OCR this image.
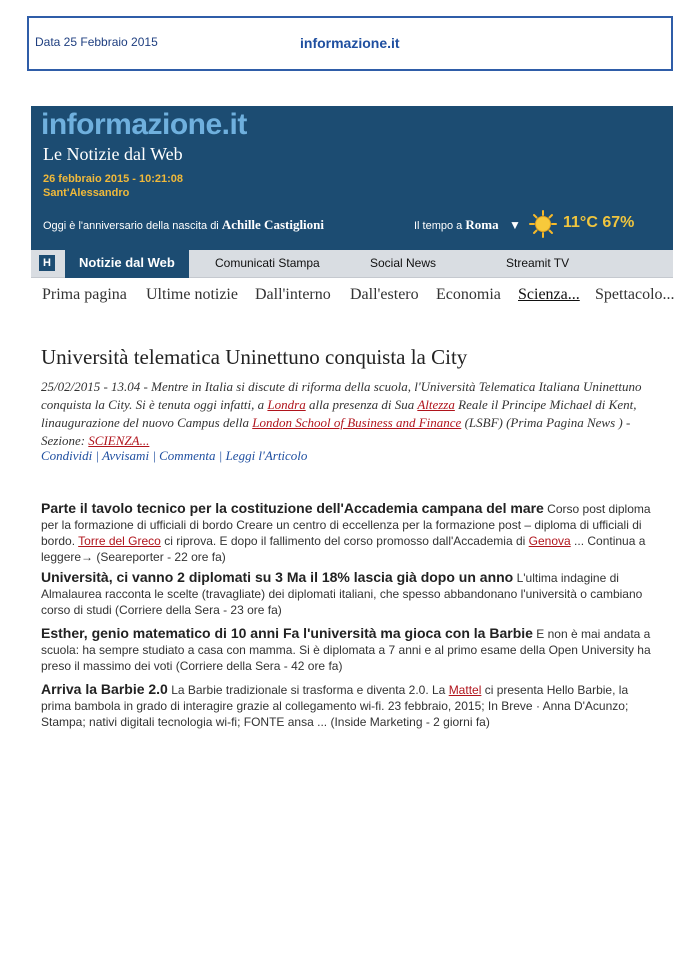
Data 25 Febbraio 2015	informazione.it
informazione.it
Le Notizie dal Web
26 febbraio 2015 - 10:21:08
Sant'Alessandro
Oggi è l'anniversario della nascita di Achille Castiglioni	Il tempo a Roma ▼	11°C 67%
H	Notizie dal Web	Comunicati Stampa	Social News	Streamit TV
Prima pagina Ultime notizie Dall'interno Dall'estero Economia Scienza... Spettacolo...
Università telematica Uninettuno conquista la City
25/02/2015 - 13.04 - Mentre in Italia si discute di riforma della scuola, l'Università Telematica Italiana Uninettuno conquista la City. Si è tenuta oggi infatti, a Londra alla presenza di Sua Altezza Reale il Principe Michael di Kent, linaugurazione del nuovo Campus della London School of Business and Finance (LSBF) (Prima Pagina News ) - Sezione: SCIENZA...
Condividi | Avvisami | Commenta | Leggi l'Articolo
Parte il tavolo tecnico per la costituzione dell'Accademia campana del mare Corso post diploma per la formazione di ufficiali di bordo Creare un centro di eccellenza per la formazione post – diploma di ufficiali di bordo. Torre del Greco ci riprova. E dopo il fallimento del corso promosso dall'Accademia di Genova ... Continua a leggere→ (Seareporter - 22 ore fa)
Università, ci vanno 2 diplomati su 3 Ma il 18% lascia già dopo un anno L'ultima indagine di Almalaurea racconta le scelte (travagliate) dei diplomati italiani, che spesso abbandonano l'università o cambiano corso di studi (Corriere della Sera - 23 ore fa)
Esther, genio matematico di 10 anni Fa l'università ma gioca con la Barbie E non è mai andata a scuola: ha sempre studiato a casa con mamma. Si è diplomata a 7 anni e al primo esame della Open University ha preso il massimo dei voti (Corriere della Sera - 42 ore fa)
Arriva la Barbie 2.0 La Barbie tradizionale si trasforma e diventa 2.0. La Mattel ci presenta Hello Barbie, la prima bambola in grado di interagire grazie al collegamento wi-fi. 23 febbraio, 2015; In Breve · Anna D'Acunzo; Stampa; nativi digitali tecnologia wi-fi; FONTE ansa ... (Inside Marketing - 2 giorni fa)
